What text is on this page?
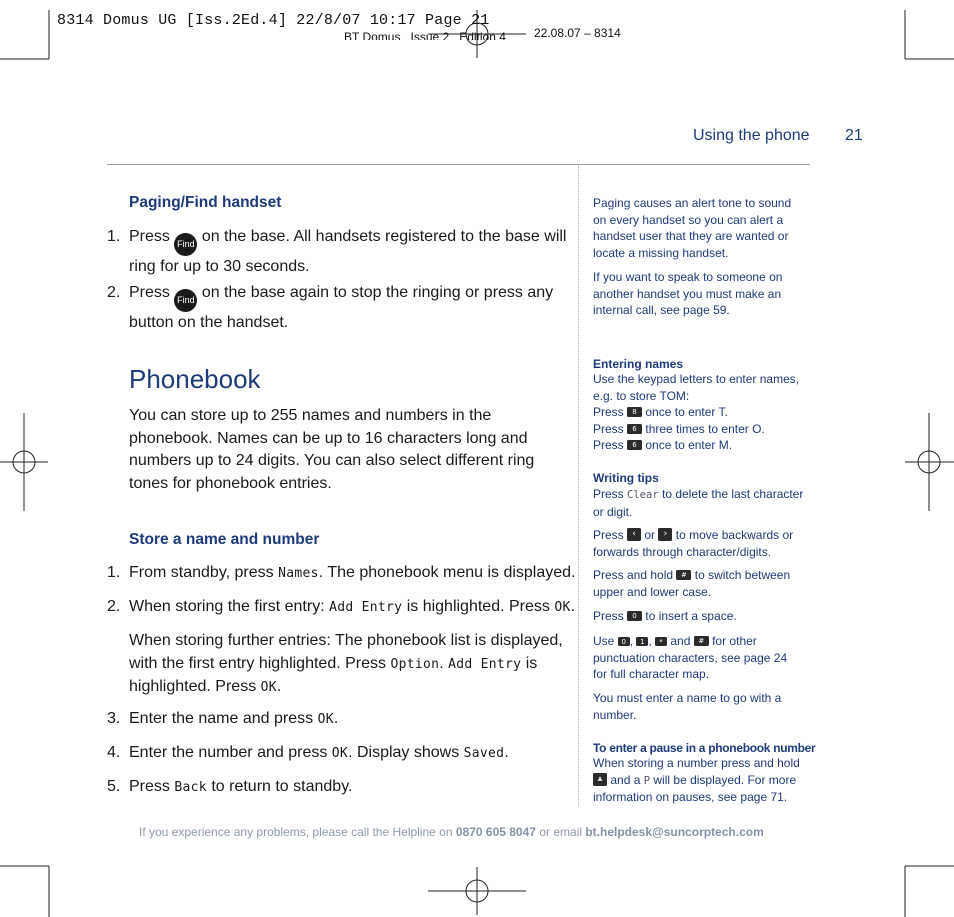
8314 Domus UG [Iss.2Ed.4] 22/8/07 10:17 Page 21
BT Domus Issue 2 Edition 4	22.08.07 – 8314
Using the phone 21
Paging/Find handset
1. Press Find on the base. All handsets registered to the base will
ring for up to 30 seconds.
2. Press Find on the base again to stop the ringing or press any
button on the handset.
Phonebook
You can store up to 255 names and numbers in the
phonebook. Names can be up to 16 characters long and
numbers up to 24 digits. You can also select different ring
tones for phonebook entries.
Store a name and number
1. From standby, press Names. The phonebook menu is displayed.
2. When storing the first entry: Add Entry is highlighted. Press OK.
When storing further entries: The phonebook list is displayed,
with the first entry highlighted. Press Option. Add Entry is
highlighted. Press OK.
3. Enter the name and press OK.
4. Enter the number and press OK. Display shows Saved.
5. Press Back to return to standby.
Paging causes an alert tone to sound
on every handset so you can alert a
handset user that they are wanted or
locate a missing handset.
If you want to speak to someone on
another handset you must make an
internal call, see page 59.
Entering names
Use the keypad letters to enter names,
e.g. to store TOM:
Press	8 once to enter T.
Press	6 three times to enter O.
Press	6 once to enter M.
Writing tips
Press Clear to delete the last character
or digit.
Press ‹ or › to move backwards or
forwards through character/digits.
Press and hold	# to switch between
upper and lower case.
Press	0 to insert a space.
Use	0 , 1 , * and	# for other
punctuation characters, see page 24
for full character map.
You must enter a name to go with a
number.
To enter a pause in a phonebook number
When storing a number press and hold
▴ and a P will be displayed. For more
information on pauses, see page 71.
If you experience any problems, please call the Helpline on 0870 605 8047 or email bt.helpdesk@suncorptech.com
